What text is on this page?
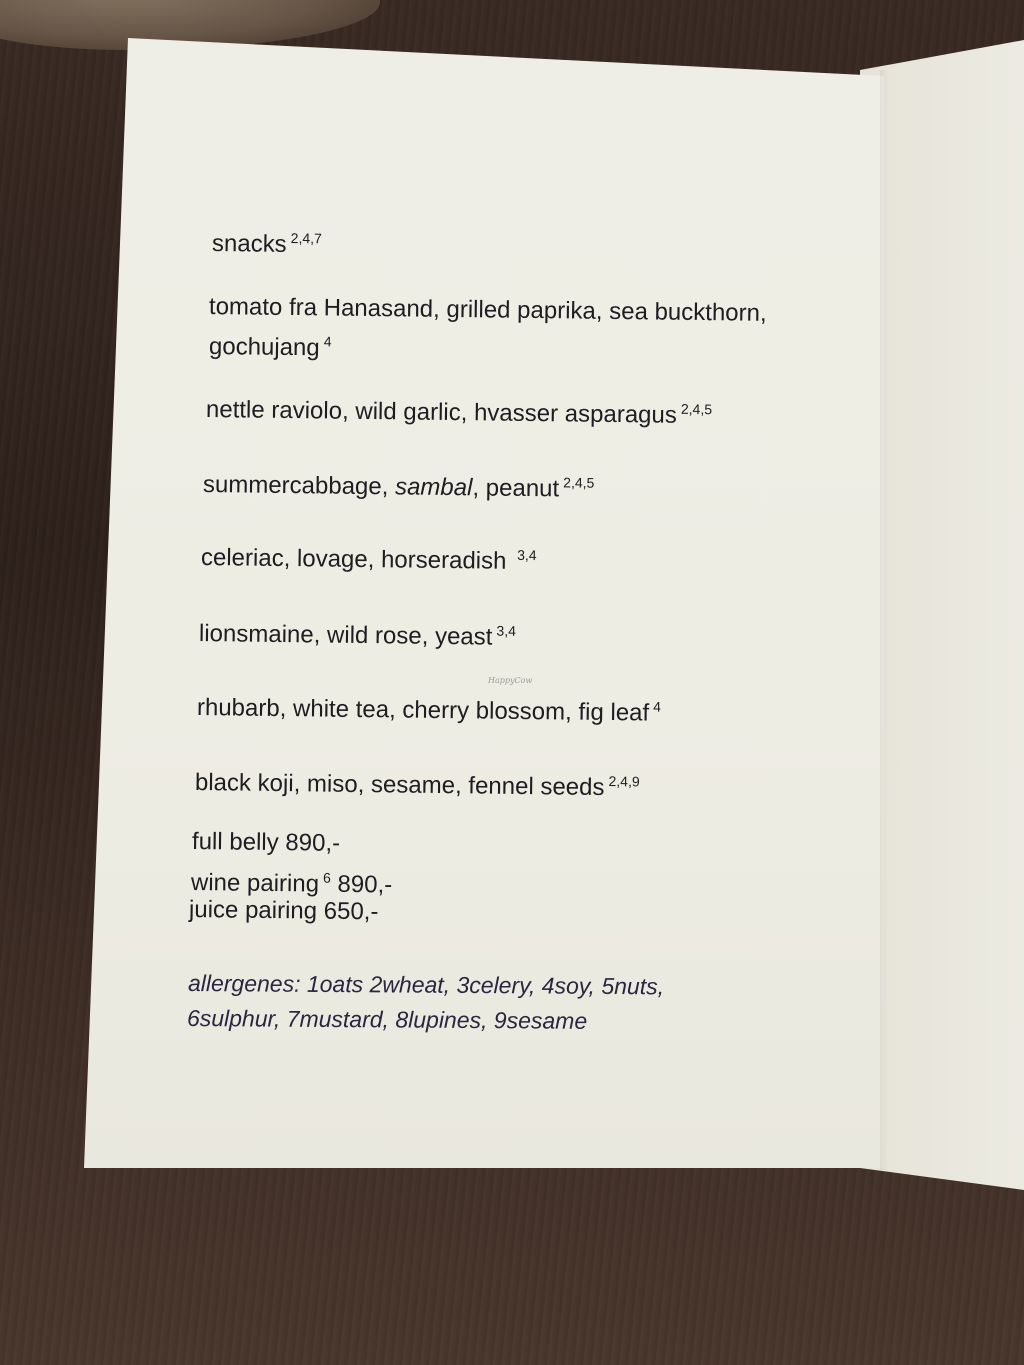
snacks $^{2,4,7}$
tomato fra Hanasand, grilled paprika, sea buckthorn,
gochujang $^4$
nettle raviolo, wild garlic, hvasser asparagus $^{2,4,5}$
summercabbage, sambal, peanut $^{2,4,5}$
celeriac, lovage, horseradish $^{3,4}$
lionsmaine, wild rose, yeast $^{3,4}$
HappyCow
rhubarb, white tea, cherry blossom, fig leaf $^4$
black koji, miso, sesame, fennel seeds $^{2,4,9}$
full belly 890,-
wine pairing $^6$ 890,-
juice pairing 650,-
allergenes: 1oats 2wheat, 3celery, 4soy, 5nuts,
6sulphur, 7mustard, 8lupines, 9sesame
